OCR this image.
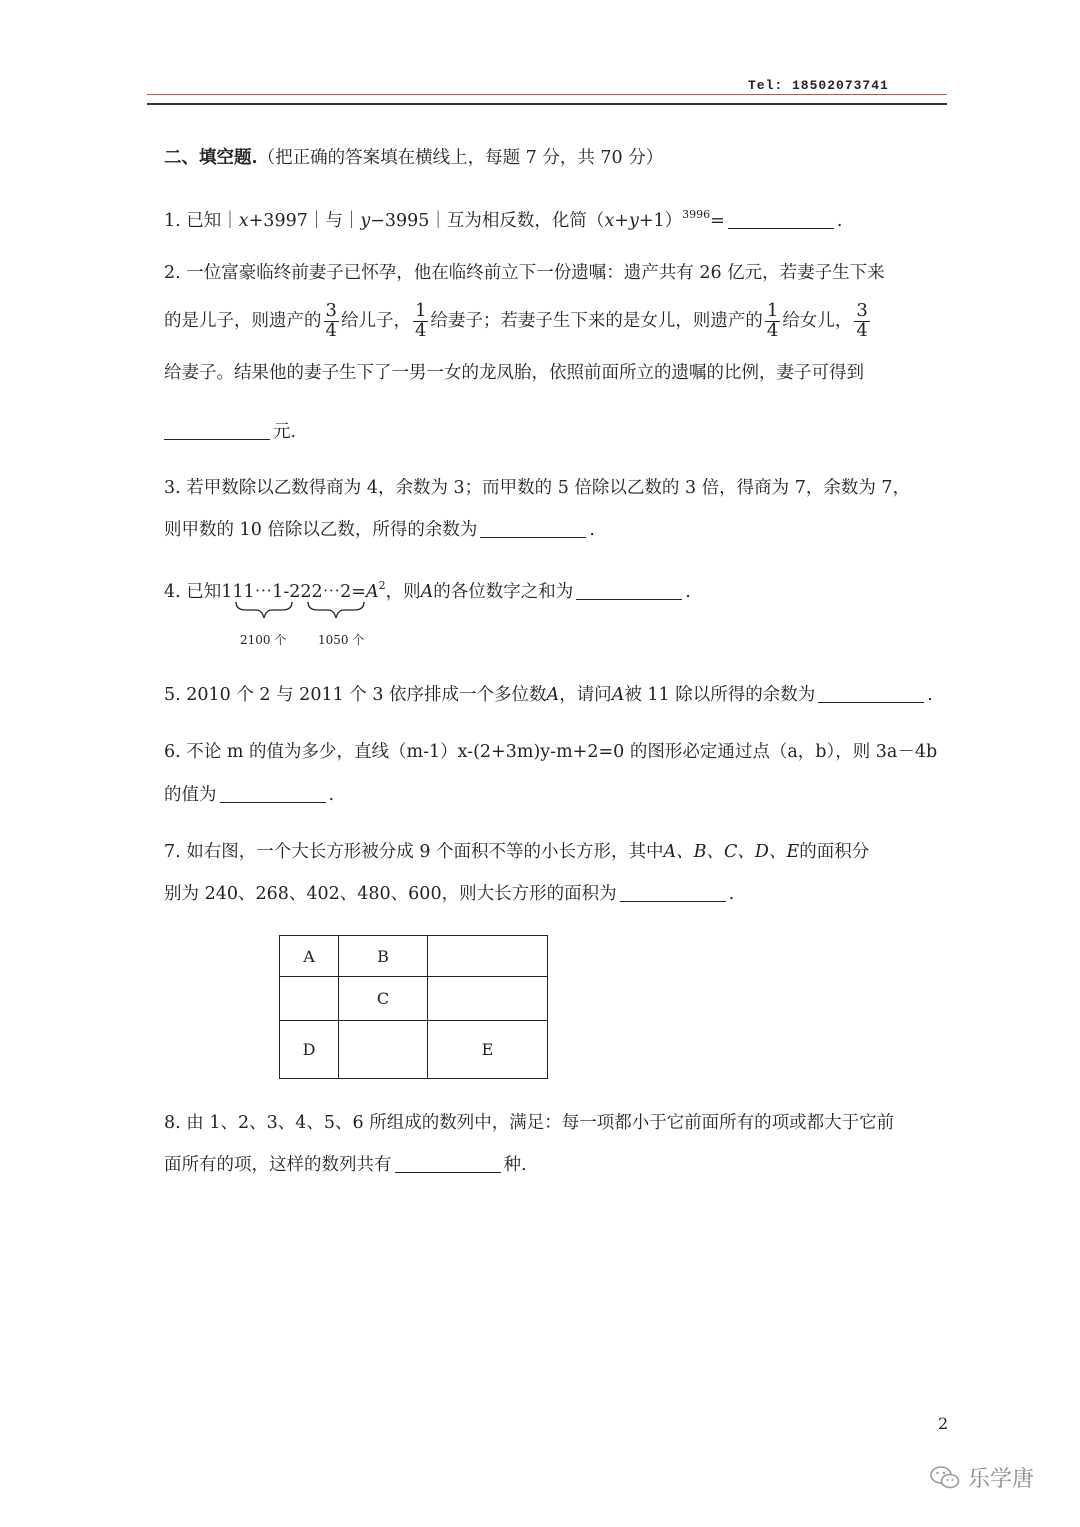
Tel: 18502073741
二、填空题.（把正确的答案填在横线上，每题 7 分，共 70 分）
1. 已知｜x+3997｜与｜y−3995｜互为相反数，化简$(x+y+1)^{3996}=$	.
2. 一位富豪临终前妻子已怀孕，他在临终前立下一份遗嘱：遗产共有 26 亿元，若妻子生下来
的是儿子，则遗产的 $\frac{3}{4}$ 给儿子， $\frac{1}{4}$ 给妻子；若妻子生下来的是女儿，则遗产的 $\frac{1}{4}$ 给女儿， $\frac{3}{4}$
给妻子。结果他的妻子生下了一男一女的龙凤胎，依照前面所立的遗嘱的比例，妻子可得到
元.
3. 若甲数除以乙数得商为 4，余数为 3；而甲数的 5 倍除以乙数的 3 倍，得商为 7，余数为 7，
则甲数的 10 倍除以乙数，所得的余数为	.
4. 已知$111\cdots 1-222\cdots 2=A^2$，则A的各位数字之和为	.
2100 个	1050 个
5. 2010 个 2 与 2011 个 3 依序排成一个多位数A，请问A被 11 除以所得的余数为	.
6. 不论 m 的值为多少，直线（m-1）x-(2+3m)y-m+2=0 的图形必定通过点（a，b），则 3a－4b
的值为	.
7. 如右图，一个大长方形被分成 9 个面积不等的小长方形，其中A、B、C、D、E的面积分
别为 240、268、402、480、600，则大长方形的面积为	.
A	B	
	C	
D		E
8. 由 1、2、3、4、5、6 所组成的数列中，满足：每一项都小于它前面所有的项或都大于它前
面所有的项，这样的数列共有	种.
2
乐学唐
